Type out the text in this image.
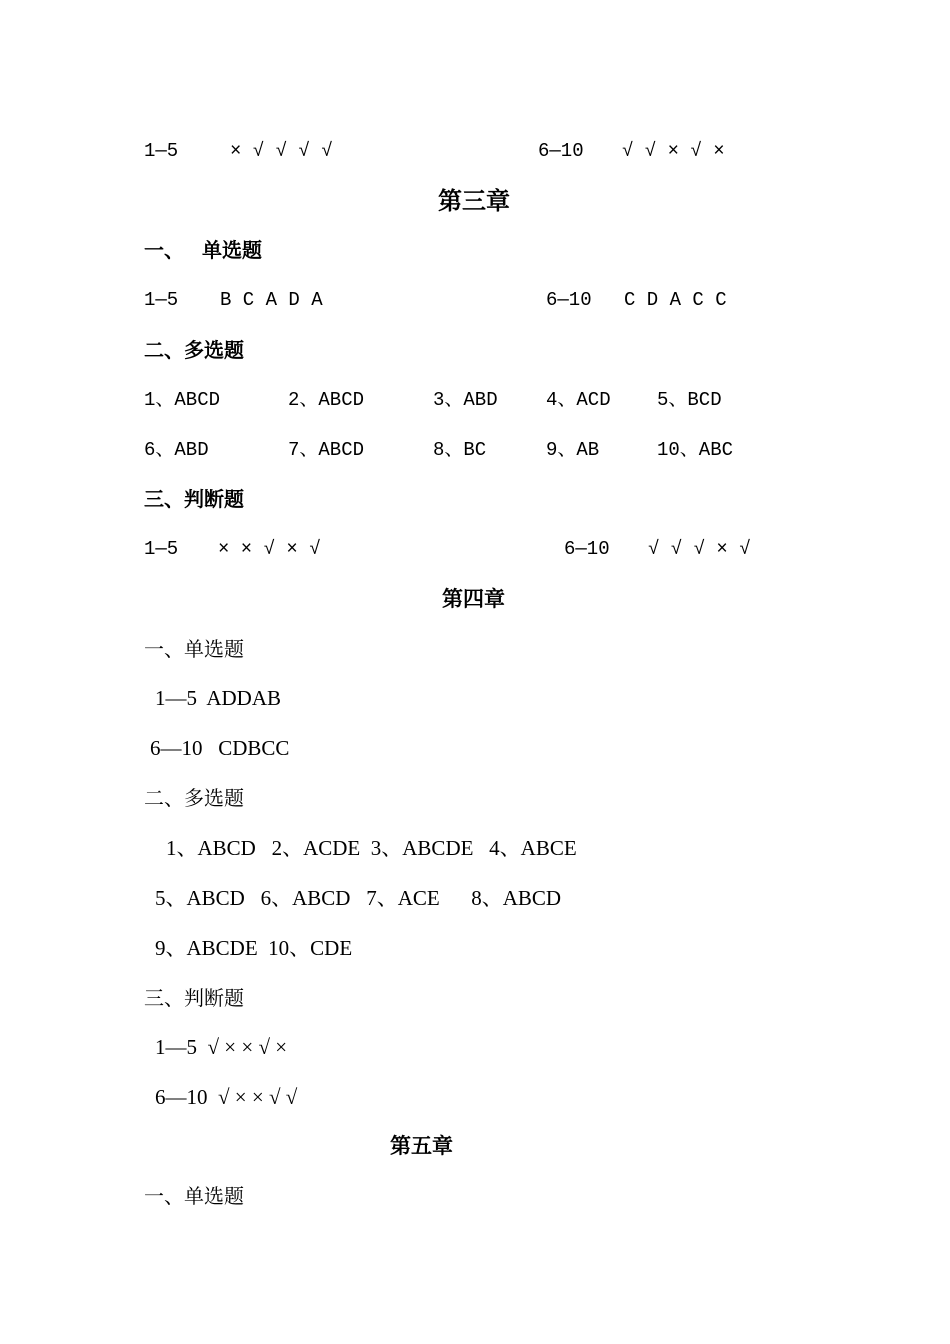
1—5	× √ √ √ √	6—10 √ √ × √ ×
第三章
一、 单选题
1—5 B C A D A	6—10 C D A C C
二、多选题
1、ABCD	2、ABCD	3、ABD	4、ACD 5、BCD
6、ABD	7、ABCD	8、BC	9、AB	10、ABC
三、判断题
1—5 × × √ × √	6—10 √ √ √ × √
第四章
一、单选题
1—5  ADDAB
6—10   CDBCC
二、多选题
1、ABCD   2、ACDE  3、ABCDE   4、ABCE
5、ABCD   6、ABCD   7、ACE      8、ABCD
9、ABCDE  10、CDE
三、判断题
1—5  √ × × √ ×
6—10  √ × × √ √
第五章
一、单选题
